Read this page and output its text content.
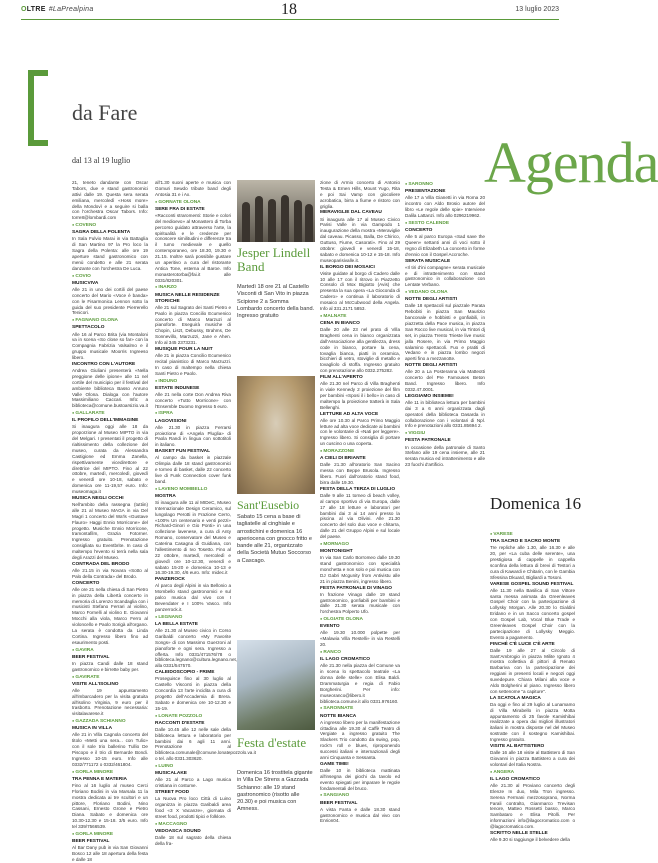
OLTRE #LaPrealpina	18	13 luglio 2023
da Fare
dal 13 al 19 luglio	Agenda
21, teneto dandante con Oscar Tabors, due e stand gastronomici attivi dalle 19. Questa sera serata emiliana, mercoledì «Hoss more» della Mondovì e a seguire si balla con l'orchestra Oscar Tabors. Info: torre8@lombardi.com
● COVENO
SAGRA DELLA POLENTA
In Sala Fulvio Marai in via Battaglia di San Martino 97 la Pro loco la Sagra della Polenta: alle ore 19 aperture stand gastronomico con menù condetto e alle 21 serata danzante con l'orchestra De Luca.
● COVIO
MUSICVIVA
Alle 21 in uno dei cortili del paese concerto del Mario «Voce è banda» con le Fisarmonica Lennon sotto la guida del suo presidente Pierrerello Tenicori.
● FAGNANO OLONA
SPETTACOLO
Alle 16 al Parco Brita (via Montaloni va in scena «So close so far» con la Compagnia Fabrizia Valsalmo e il gruppo musicale Moorris Ingreeso libero.
INCONTRO CON L'AUTORE
Andrea Giuliani presenterà «Nella preggione delle ipione» alle 11 nel cortile del municipio per il festival del ambiente biblioteca Basso Anruno Valle Olona. Dialoga con l'autore Massimiliano Caccari. Info: a biblioteca@comune.bustoarsizio.va.it
● GALLARATE
IL PROFILO DELL'IMMAGINE
Si inaugura oggi alle 18 da proporzione al Museo MIPTO in via del Melgari. I presentati il progetto di rialtissimento della collezione del museo, curata da Alessandra Castigione ed Emma Zanella, rispettivamente vicedirettore e direttrice del MIPTO. Fino al 22 ottobre, martedì, mercoledì, giovedì e venerdì ore 10-18, sabato e domenica ore 11-19,57 euro. Info: museomaga.it
MUSICA NEGLI OCCHI
Nell'ambito della rassegna (tuttiin) alle 21 al Museo MAGA in via Del Magri 1 concerto del Wa'ls «Gustave Flauro» Haggi Ennio Morricone» del progetto. Musiche Ennio Morricone, tramontafilm, Grazia Fotorner. Ingresso gratuito. Prenotazione consigliata su Eventbrite. In caso di maltempo l'evento si terrà nella sala degli Arazzi del Museo.
CONTRADA DEL BRODO
Alle 21.15 in via Novara «Sotto al Palo della Contrada» del Brodo.
CONCERTO
Alle ore 21 nella chiesa di San Pietro in piazza della Libertà concerto in memoria di Lorenzo Scandaglia con i musicisti Stefano Ferrari al violino, Marco Fornelli al violino E. Giovanni Mocchi alla viola, Marco Ferro al violoncello e Paolo Sorigà all'organo. La serata è condotta da Linda Cortina. Ingresso libero fino ad esaurimento posti.
● GAVIRA
BEER FESTIVAL
In piazza Candi dalle 18 stand gastronomico e birrette baby per.
● GAVIRATE
VISITE ALL'ISOLINO
Alle 19 appuntamento all'imbarcadero per la visita gratuita all'isolino Virginia, 9 euro per il trasborto. Prenotazione necessaria: visitalavarese.it
● GAZZADA SCHIANNO
MUSICA IN VILLA
Alle 21 in Villa Cagnola concerto del titolo «Metti una sera... con Tulio» con il sole trio ballerino Tullio De Piscopo e il trio di Bernarde Bondi. Ingresso 10-15 euro. Info alle 0332/771172 o 0332/461804.
● GORLA MINORE
TRA PENNA E MATERIA
Fino al 16 luglio al museo Cerci Floriano Bodini in via Marsala 11 la mostra dedicata ai tre scultori e un pittore, Floriano Bodini, Nino Cassani, Ernesto Grone e Pietro Diana. Sabato e domenica ore 10.30-12.30 e 15-18. 3/5 euro. Info tel 339/7566539.
● GORLA MINORE
BEER FESTIVAL
Al Bar Dany pub in via San Giovanni Bosco 12 alle 18 apertura della festa e dalle 18
all'1.30 suoni aperte e musica con Gomuri Sewdo tribute band degli Antosia 31 e i Ax.
● GORNATE OLONA
SERE FRA DI ESTATE
«Racconti straromenti: Storie e colori del medioevo» al Monastero di Torba percorso guidato attraverso l'arte, la spiritualità e le credenze per conoscere similitudini e differenze tra il tumo medievale e quello contemporaneo, ore 18.30, 19.30 e 21.15. Inoltre sarà possibile gustare un aperitivo a cura del ristorante Antica Tone, esterna al Baroe. Info monasterotorba@fai.it alle 0331/820301.
● INARZO
MUSICA NELLE RESIDENZE STORICHE
Alle 21 sul Sagrato dei Santi Pietro e Paolo in piazza Concilio Ecumenico concerto di Marco Marzuzi al pianoforte. Eseguirà musiche di Chopin, Liszt, Debussy, Brahms, De Sonnevillo, Marzuzzi, Jane e Ahen. Info al 345 2373231.
MUSIQUE POUR LA NUIT
Alle 21 in piazza Concilio Ecumenico recital pianistico di Marco Marzuzzi. In caso di maltempo nella chiesa Santi Pietro e Paolo.
● INDUNO
ESTATE INDUNESE
Alle 21 nella corte Don Andrea Riva concerto «Tutto Morricone» con l'Ensemble Duomo Ingresso 5 euro.
● ISPRA
LAGOVISIONI
Alle 21.30 in piazza Ferrarsi proiezione di «Angela Pluglia» di Paola Randi in lingua con sottotitoli in italiano.
BASKET FUN FESTIVAL
Al campo da basket in piazzale Olimpia dalle 18 stand gastronomici e torneo di basket, dalle 22 concerto live di Funk Connection cover funk band.
● LAVENO MOMBELLO
MOSTRA
Si inaugura alle 11 al MIDeC, Museo Internazionale Design Ceramico, sul lungolago Perotti in Frazione Cerro, «100% Un centenario e venti pezzi» Richard-Ginori e Gio Ponti» in una collezione lavenese, a cura di Anty Romano, conservatore del Museo e Caterina Casagna di Guidiana, con l'allestimento di Ivo Tosetto. Fino al 22 ottobre, martedì, mercoledì e giovedì ore 10-12.30, venerdì e sabato 15-20 e domenica 10-13 e 16.30-19.30, 4/6 euro. Info: midec.it
PANZEROCK
Al parco degli Alpini in via Bellonio a Mombello stand gastronomici e sul palco musica dal vivo con I Bevendater e I 100% Vasco. Info panzerrock.it.
● LEGNANO
LA BELLA ESTATE
Alle 21.30 al Museo civico in Corso Garibaldi concerto «My Favorite Songs» di con Massimo Guerzoni al pianoforte e ogni sera. Ingresso a offerta. Info 0331/471576/78 o biblioteca.legnano@cultura.legnano.net, alla 0331/547570.
CALEIDOSCOPIO - FRIME
Proseguisce fino al 30 luglio al Castello Visconti in piazza della Concordia 13 l'arte incidita a cura di progetto dell'Accademia di Brera. Sabato e domenica ore 10-12.30 e 15-19.
● LONATE POZZOLO
RACCONTI D'ESTATE
Dalle 10.45 alle 12 nelle sale della biblioteca lettura e laboratorio per bambini dai 6 agli 11 anni. Prenotazione al biblioteca.comunale@comune.lonatepozzolo.va.it o tel. allo 0331.303620.
● LUINO
MUSICALAKE
Alle 21 al Parco a Lago musica cristiana in costume.
STREET FOOD
La Nuova Pro loco Città di Luino organizza in piazza Garibaldi area food «3 X Vacanze», giornata di street food, prodotti tipici e folklore.
● MACCAGNO
VEDOASCA SOUND
Dalle 18 sul sagrato della chiesa della fra-
Jesper Lindell Band
Martedì 18 ore 21 al Castello Visconti di San Vito in piazza Scipione 2 a Somma Lombardo concerto della band. Ingresso gratuito
Sant'Eusebio
Sabato 15 cena a base di tagliatelle al cinghiale e arrostichini e domenica 16 aperiocena con gnocco fritto e bande alle 21, organizzato della Società Mutuo Soccorso a Cascago.
Festa d'estate
Domenica 16 trostitela gigante in Villa De Strens a Gazzada Schianno: alle 19 stand gastronomico (risotto alle 20.30) e poi musica con Amness.
zione di Armio concerto di Antonio Testa & Ernen Hills, Mount Yugo, Rita e poi Sai Vamp con giocoliere acrobatica, birra a fiume e ristoro con griglia.
MERAVIGLIE DAL CAVEAU
Si inaugura alle 17 al Museo Civico Parisi Valle in via Gampodo 1 inaugurazione della mostra «Meraviglie dal caveau. Picasso, Balla, De Chirico, Guttuso, Fiume, Casorati». Fino al 29 ottobre: giovedì e venerdì 15-18, sabato e domenica 10-12 e 15-18. Info museoparisivalle.it.
IL BORGO DEI MOSAICI
Visite guidate al borgo di Cadero dalle 10 alle 17 con il ritrovo in Piazzetto Consolo di Mox Bigiotto (Avis) che presenta la sua opera «La Gioconda di Cadero» e continua il laboratorio di mosaico al McCubwood della Angela. Info al 331.2171 5853.
● MALNATE
CENA IN BIANCO
Dalle 20 alle 23 nel prato di Villa Braghenti cena in bianco organizzata dall'Associazione alla gentilezza, dress code in bianco, portare la cena, tovaglia bianca, piatti in ceramica, bicchieri di vetro, stoviglie di metallo e tovagliolo di stoffa. Ingresso gratuito con prenotazione allo 0332.275282.
FILM ALL'APERTO
Alle 21.30 nel Parco di Villa Braghenti in viale Kennedy 2 proiezione del film per bambini «Sposi il i bello» in caso di maltempo la proiezione tratterà in Sala Bellenghi.
LETTURE AD ALTA VOCE
Alle ore 10.30 al Parco Primo Maggio letture ad alta voce dedicate ai bambini con le volontarie di «Nati per leggere». Ingresso libero. Si consiglia di portare un cuscino o una coperta.
● MORAZZONE
A CIELI DI BRIANTE
Dalle 21.30 all'oratorio San Sacino messa con Beppe Brusola. Ingresso libero. Fuori dall'oratorio stand food, birra dalle 19.30.
FESTA DELLA TERZA DI LUGLIO
Dalle 9 alle 11 torneo di beach volley, al campo sportivo di via Europa, dalle 17 alle 18 letture e laboratori per bambini dai 3 ai 14 anni presso la piscina al via Olivini. Alle 21.30 concerto del solo duo voce e chitarra, dalle 21 del Gruppo Alpini e sul locale del paese.
● MORNAGO
MONTONIGHT
In via San Carlo Borromeo dalle 19.30 stand gastronomico con specialità monchetta e non solo e poi musica con DJ Gabri Mcgunity from Antivistu alle 21 in piazza Benini, ingresso libero.
FESTA PATRONALE DI VINAGO
In frazione Vinago dalle 19 stand gastronomico, gonfiabili per bambini e dalle 21.30 serata musicale con l'orchestra Polperto Ufo.
● OLGIATE OLONA
EVENTO
Alle 19.30 10.000 polpette per «Malawia Villa Restelli» in via Restelli 20.
● RANCO
IL LAGO CROMATICO
Alle 21.30 nella piazza del Comune va in scena lo spettacolo teatrale «La donna delle stelle» con Elisa Baldi. Drammaturgia e regia di Fabio Borgherini. Per info: museoranco@libero.it biblioteca.comune.it allo 0331.976160.
● SARONNATE
NOTTE BIANCA
A ingresso libero per la manifestazione cittadina alle 19.30 al Caffè Teatro di Vergiate a ingresso gratuito The Slackers Trio condotto da swing, pop, rock'n roll e blues, riproponendo successi italiani e internazionali degli anni Cinquanta e Sessanta.
GAME TIME!
Dalle 10 in biblioteca mattinata all'insegna dei giochi da tavolo ed evento spiegati per imparare le regole fondamentali del bruco.
● SANGIANO
BEER FESTIVAL
A vista Fanta e dalle 18.30 stand gastronomico e musica dal vivo con Enrion04.
● SARONNO
PRESENTAZIONE
Alle 17 a Villa Gianetti in via Roma 20 incontro con Aldo Brosio autore del libro «Le regole delle spie» Interviene Dalila Lattanzi. Info allo 0296219962.
● SESTO CALENDE
CONCERTO
Alle 5 al parco Europa «Sad save the Queen» settanti anni di voci sotto il regno di Elizabeth La concerto in forme d'ennio con il Gospel Accroche.
SERATA MUSICALE
«Il tiri d'ini compagne» serata musicale e di intrattenimento con stand gastronomico in collaborazione con Lentate Verbano.
● VEDANO OLONA
NOTTE DEGLI ARTISTI
Dalle 18 spettacoli sul piazzale Parata Rebobiti in piazza San Maurizio banconale e hobbisti e gonfiabili, in piazzetta della Pace musica, in piazza San Rocco live musical, in via Tintori dj set, in piazza Trento Trieste live music jalla Rosere, in via Primo Maggio salamino spettacoli. Fuo e pratiti di Vedano e in piazza lombo negozi aperti fino a mezzanotte.
NOTTE DEGLI ARTISTI
Alle 20 a La Posteranna via Matteotti concerto del Pre Famouses Beton Band. Ingresso libero. Info 0332.47.0001.
LEGGIAMO INSIEME!
Alle 11 in biblioteca lettura per bambini dai 3 a 6 anni organizzata dagli operatori della biblioteca Dasarda in collaborazione con i volontari di Npl. Info e prenotazioni allo 0331.85694 2.
● VIGGIU
FESTA PATRONALE
In occasione della patronale di Santo Stefano alle 19 cena insieme, alle 21 serata musica ed intrattenimento e alle 23 fuochi d'artificio.
Domenica 16
● VARESE
TRA SACRO E SACRO MONTE
Tre repliche alle 1.30, alle 16.30 e alle 20, per «La cuba delle serente», una prestigiosa di cappelle in cappella sconfina della lettura di brevi di Testori a cura di Kawardi e Chitarin, con le Gambia Sfessina Dkuard, Bigliardi a Tosoni.
VARESE GOSPEL SOUND FESTIVAL
Alle 11.30 nella Basilica di San Vittore santa messa animata da Greenleaves Gospel Choir con la partecipazione di Lollysky Morgan. Alle 20.30 lo Gialdini Eridano e in un Sacco concerto gospel con Gospel Lab, Vocal Blue Trade e Greenleaves Gospel Choir con la partecipazione di Lollysky Meggio. Evento a pagamento.
FINCHÉ C'È LUCE C'È ARTE
Dalle 19 alle 27 al Circolo di Sant'Ambrogio in piazza Milite Ignoto 4 mostra collettiva di pittori di Renato Barbariva con la partecipazione dei reggiani in presenti locali e negozi oggi suvedepure. Chiara Milani alla voce e Aldo Bolgherini al piano. Ingresso libero con settenome "a capiture".
LA SCATOLA MAGICA
Da oggi e fino al 29 luglio al Lunamamo di Villa Mirabello in piazza Motta appuntamento di 25 favole Kamishibai realizzate a opera dai migliori illustratori italiani in mostra disposte nel del Museo sostratte con il sostegno Kamishibai. Ingresso gratuito.
VISITE AL BATTISTERO
Dalle 16 alle 18 visite al Battistero di San Giovanni in piazza Battistero a cura dei volontari del Italia Nostra.
● ANGERA
IL LAGO CROMATICO
Alle 21.30 al Proviano concerto degli Elenze In duo, Mila Tron ingresso. Serena Fermani mezzosoprano, Norma Farali contralto, Gianmarco Trevisan tenore, Matteo Rossetti basso, Marco Sambataro e Elisa Pitolli. Per informazioni info@ilagocromatico.com o @lagocromatico.com.
SCRITTO NELLE STELLE
Alle 9.30 si raggiunge il belvedere della
